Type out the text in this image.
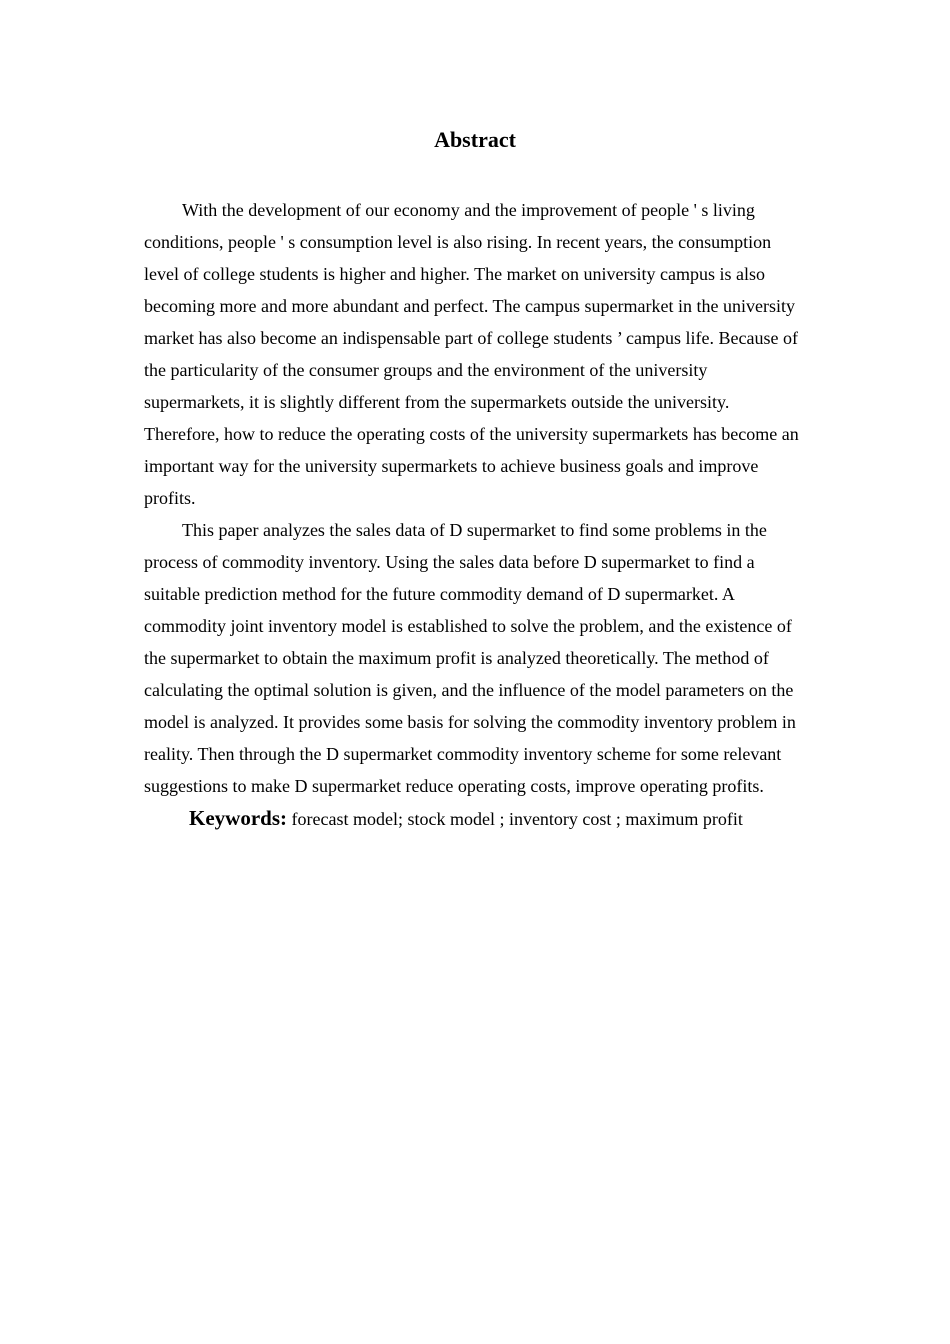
Abstract

With the development of our economy and the improvement of people ' s living conditions, people ' s consumption level is also rising. In recent years, the consumption level of college students is higher and higher. The market on university campus is also becoming more and more abundant and perfect. The campus supermarket in the university market has also become an indispensable part of college students ’ campus life. Because of the particularity of the consumer groups and the environment of the university supermarkets, it is slightly different from the supermarkets outside the university. Therefore, how to reduce the operating costs of the university supermarkets has become an important way for the university supermarkets to achieve business goals and improve profits.

This paper analyzes the sales data of D supermarket to find some problems in the process of commodity inventory. Using the sales data before D supermarket to find a suitable prediction method for the future commodity demand of D supermarket. A commodity joint inventory model is established to solve the problem, and the existence of the supermarket to obtain the maximum profit is analyzed theoretically. The method of calculating the optimal solution is given, and the influence of the model parameters on the model is analyzed. It provides some basis for solving the commodity inventory problem in reality. Then through the D supermarket commodity inventory scheme for some relevant suggestions to make D supermarket reduce operating costs, improve operating profits.

Keywords: forecast model; stock model ; inventory cost ; maximum profit
